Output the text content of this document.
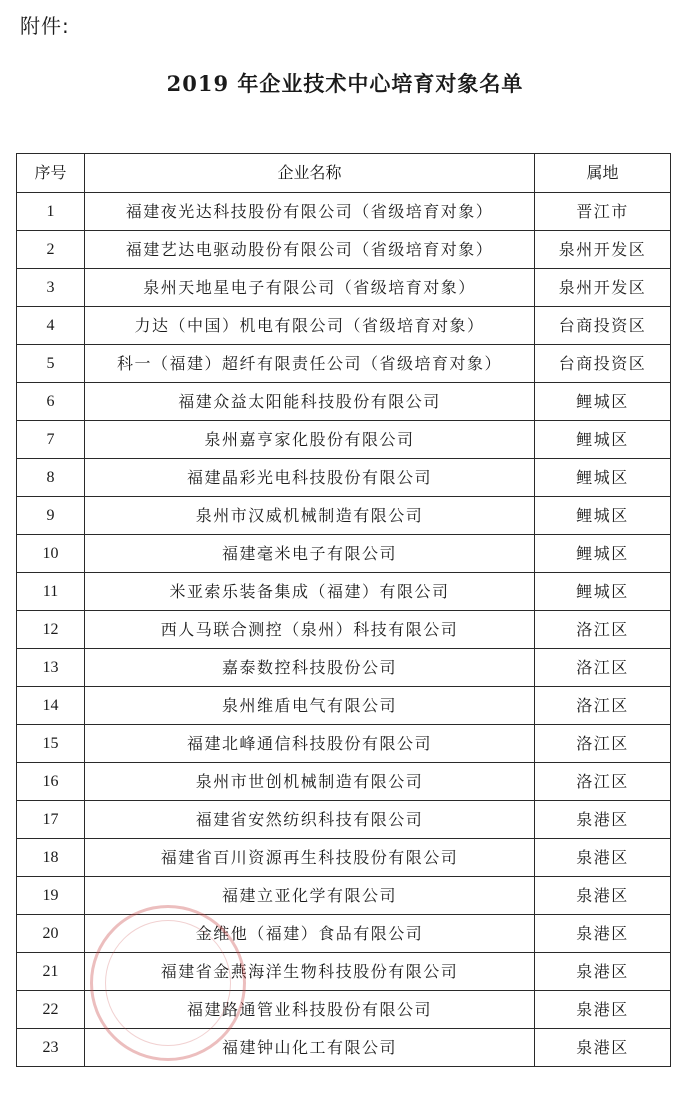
附件:
2019 年企业技术中心培育对象名单
序号	企业名称	属地
1	福建夜光达科技股份有限公司（省级培育对象）	晋江市
2	福建艺达电驱动股份有限公司（省级培育对象）	泉州开发区
3	泉州天地星电子有限公司（省级培育对象）	泉州开发区
4	力达（中国）机电有限公司（省级培育对象）	台商投资区
5	科一（福建）超纤有限责任公司（省级培育对象）	台商投资区
6	福建众益太阳能科技股份有限公司	鲤城区
7	泉州嘉亨家化股份有限公司	鲤城区
8	福建晶彩光电科技股份有限公司	鲤城区
9	泉州市汉威机械制造有限公司	鲤城区
10	福建毫米电子有限公司	鲤城区
11	米亚索乐装备集成（福建）有限公司	鲤城区
12	西人马联合测控（泉州）科技有限公司	洛江区
13	嘉泰数控科技股份公司	洛江区
14	泉州维盾电气有限公司	洛江区
15	福建北峰通信科技股份有限公司	洛江区
16	泉州市世创机械制造有限公司	洛江区
17	福建省安然纺织科技有限公司	泉港区
18	福建省百川资源再生科技股份有限公司	泉港区
19	福建立亚化学有限公司	泉港区
20	金维他（福建）食品有限公司	泉港区
21	福建省金燕海洋生物科技股份有限公司	泉港区
22	福建路通管业科技股份有限公司	泉港区
23	福建钟山化工有限公司	泉港区
